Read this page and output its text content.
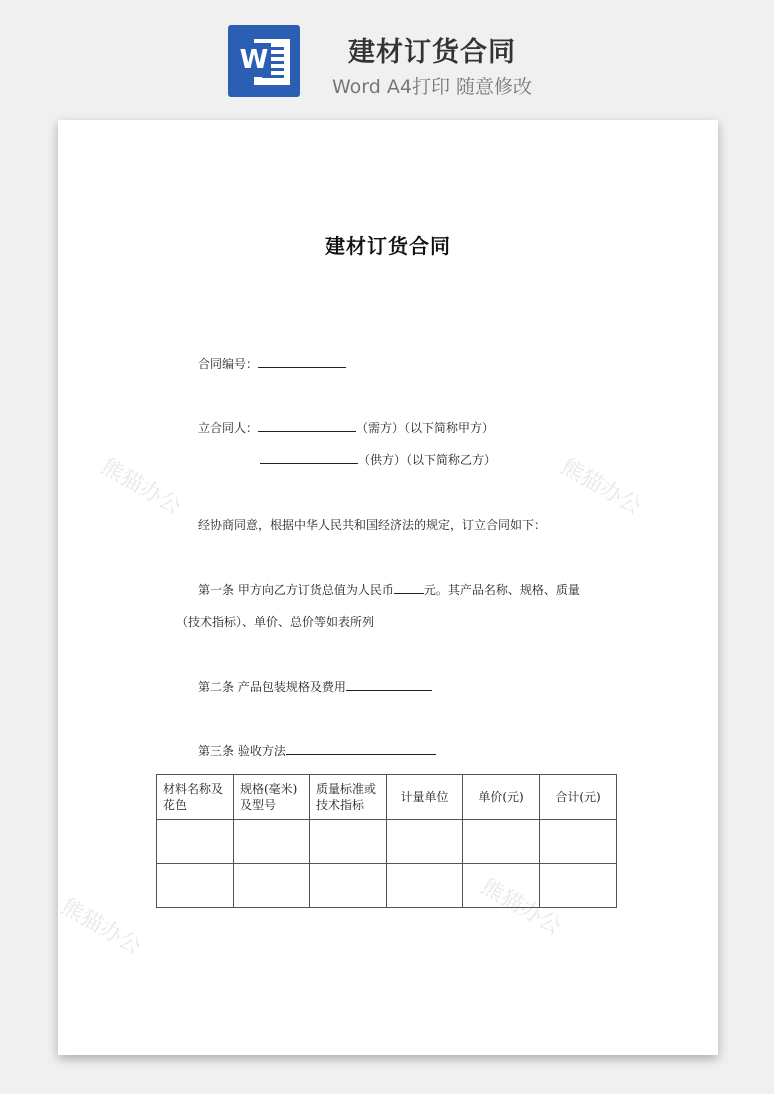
W	建材订货合同
Word A4打印 随意修改
熊猫办公	熊猫办公
熊猫办公	熊猫办公
建材订货合同
合同编号：
立合同人：	（需方）（以下简称甲方）
（供方）（以下简称乙方）
经协商同意，根据中华人民共和国经济法的规定，订立合同如下：
第一条 甲方向乙方订货总值为人民币	元。其产品名称、规格、质量
（技术指标）、单价、总价等如表所列
第二条 产品包装规格及费用
第三条 验收方法
材料名称及花色	规格(毫米)及型号	质量标准或技术指标	计量单位	单价(元)	合计(元)
